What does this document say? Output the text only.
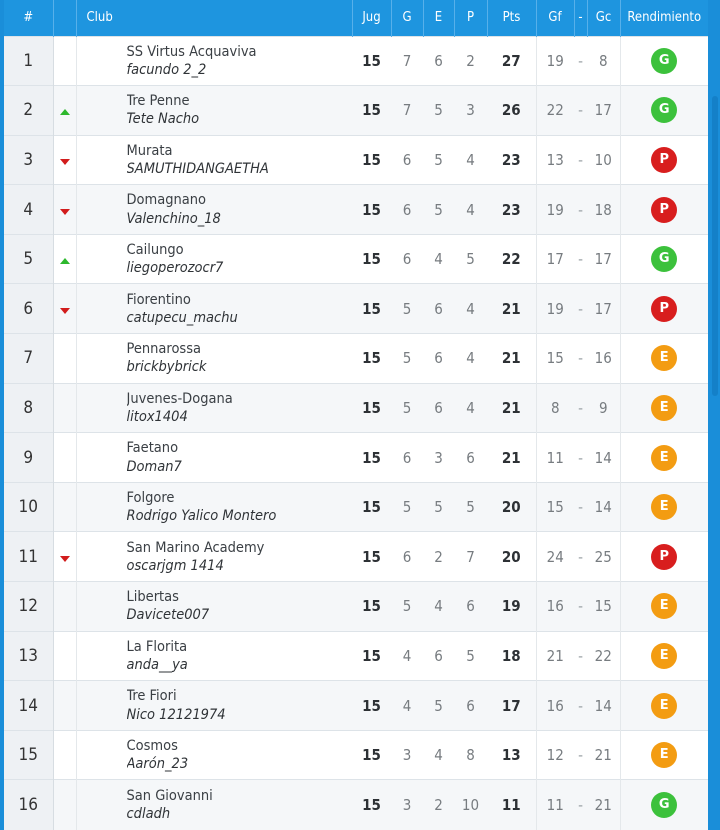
#		Club	Jug	G	E	P	Pts	Gf	-	Gc	Rendimiento
1		SS Virtus Acquaviva
facundo 2_2	15	7	6	2	27	19	-	8	G
2		Tre Penne
Tete Nacho	15	7	5	3	26	22	-	17	G
3		Murata
SAMUTHIDANGAETHA	15	6	5	4	23	13	-	10	P
4		Domagnano
Valenchino_18	15	6	5	4	23	19	-	18	P
5		Cailungo
liegoperozocr7	15	6	4	5	22	17	-	17	G
6		Fiorentino
catupecu_machu	15	5	6	4	21	19	-	17	P
7		Pennarossa
brickbybrick	15	5	6	4	21	15	-	16	E
8		Juvenes-Dogana
litox1404	15	5	6	4	21	8	-	9	E
9		Faetano
Doman7	15	6	3	6	21	11	-	14	E
10		Folgore
Rodrigo Yalico Montero	15	5	5	5	20	15	-	14	E
11		San Marino Academy
oscarjgm 1414	15	6	2	7	20	24	-	25	P
12		Libertas
Davicete007	15	5	4	6	19	16	-	15	E
13		La Florita
anda__ya	15	4	6	5	18	21	-	22	E
14		Tre Fiori
Nico 12121974	15	4	5	6	17	16	-	14	E
15		Cosmos
Aarón_23	15	3	4	8	13	12	-	21	E
16		San Giovanni
cdladh	15	3	2	10	11	11	-	21	G
